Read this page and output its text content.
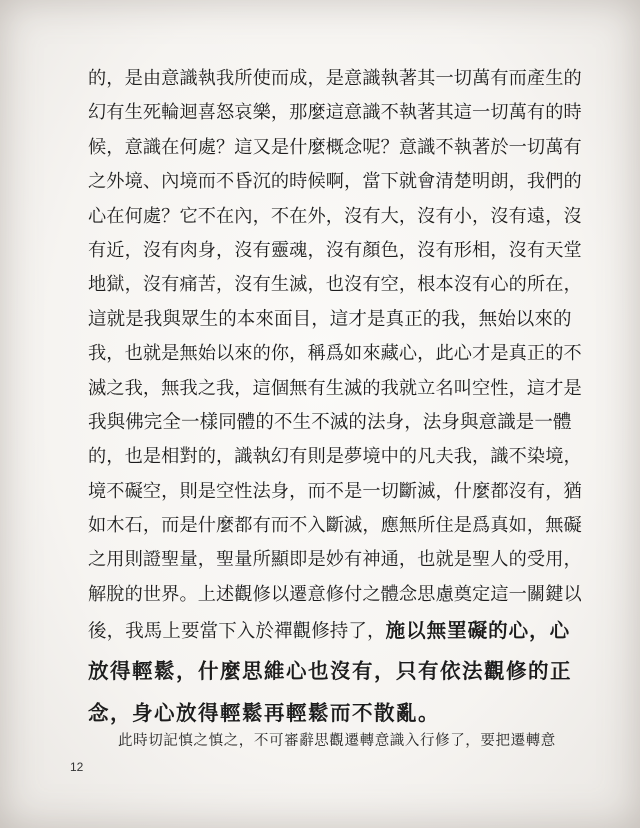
的，是由意識執我所使而成，是意識執著其一切萬有而產生的
幻有生死輪迴喜怒哀樂，那麼這意識不執著其這一切萬有的時
候，意識在何處？這又是什麼概念呢？意識不執著於一切萬有
之外境、內境而不昏沉的時候啊，當下就會清楚明朗，我們的
心在何處？它不在內，不在外，沒有大，沒有小，沒有遠，沒
有近，沒有肉身，沒有靈魂，沒有顏色，沒有形相，沒有天堂
地獄，沒有痛苦，沒有生滅，也沒有空，根本沒有心的所在，
這就是我與眾生的本來面目，這才是真正的我，無始以來的
我，也就是無始以來的你，稱爲如來藏心，此心才是真正的不
滅之我，無我之我，這個無有生滅的我就立名叫空性，這才是
我與佛完全一樣同體的不生不滅的法身，法身與意識是一體
的，也是相對的，識執幻有則是夢境中的凡夫我，識不染境，
境不礙空，則是空性法身，而不是一切斷滅，什麼都沒有，猶
如木石，而是什麼都有而不入斷滅，應無所住是爲真如，無礙
之用則證聖量，聖量所顯即是妙有神通，也就是聖人的受用，
解脫的世界。上述觀修以遷意修付之體念思慮奠定這一關鍵以
後，我馬上要當下入於禪觀修持了，施以無罣礙的心，心
放得輕鬆，什麼思維心也沒有，只有依法觀修的正
念，身心放得輕鬆再輕鬆而不散亂。
此時切記慎之慎之，不可審辭思觀遷轉意識入行修了，要把遷轉意
12
